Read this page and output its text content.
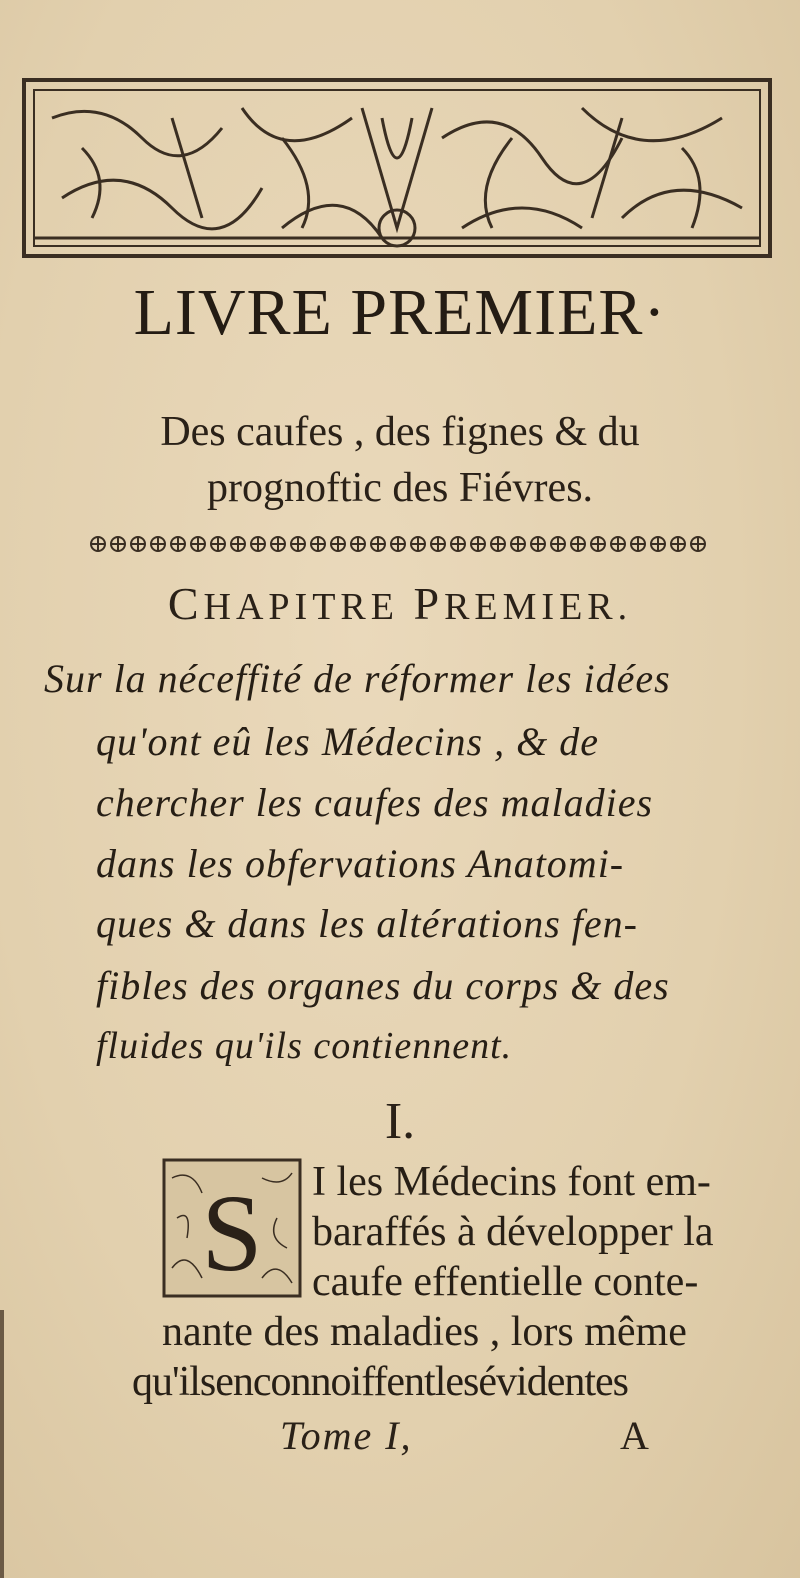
LIVRE PREMIER·
Des caufes , des fignes & du
prognoftic des Fiévres.
CHAPITRE PREMIER.
Sur la néceffité de réformer les idées
qu'ont eû les Médecins , & de
chercher les caufes des maladies
dans les obfervations Anatomi-
ques & dans les altérations fen-
fibles des organes du corps & des
fluides qu'ils contiennent.
I.
S I les Médecins font em-
baraffés à développer la
caufe effentielle conte-
nante des maladies , lors même
qu'ilsenconnoiffentlesévidentes
Tome I,	A
